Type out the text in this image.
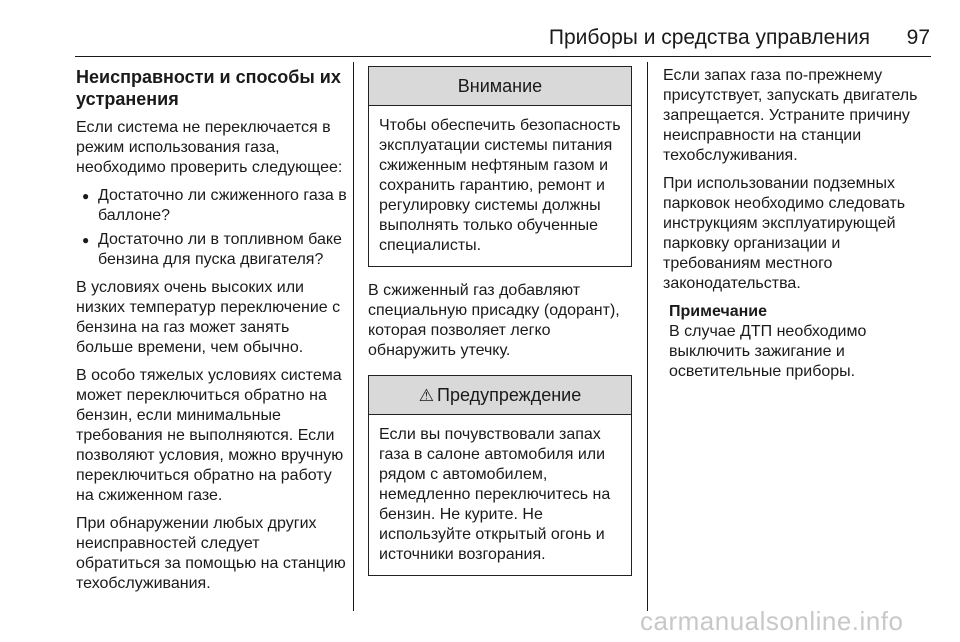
Приборы и средства управления	97
Неисправности и способы их устранения

Если система не переключается в режим использования газа, необходимо проверить следующее:

● Достаточно ли сжиженного газа в баллоне?
● Достаточно ли в топливном баке бензина для пуска двигателя?

В условиях очень высоких или низких температур переключение с бензина на газ может занять больше времени, чем обычно.

В особо тяжелых условиях система может переключиться обратно на бензин, если минимальные требования не выполняются. Если позволяют условия, можно вручную переключиться обратно на работу на сжиженном газе.

При обнаружении любых других неисправностей следует обратиться за помощью на станцию техобслуживания.

Внимание
Чтобы обеспечить безопасность эксплуатации системы питания сжиженным нефтяным газом и сохранить гарантию, ремонт и регулировку системы должны выполнять только обученные специалисты.

В сжиженный газ добавляют специальную присадку (одорант), которая позволяет легко обнаружить утечку.

⚠ Предупреждение
Если вы почувствовали запах газа в салоне автомобиля или рядом с автомобилем, немедленно переключитесь на бензин. Не курите. Не используйте открытый огонь и источники возгорания.

Если запах газа по-прежнему присутствует, запускать двигатель запрещается. Устраните причину неисправности на станции техобслуживания.

При использовании подземных парковок необходимо следовать инструкциям эксплуатирующей парковку организации и требованиям местного законодательства.

Примечание
В случае ДТП необходимо выключить зажигание и осветительные приборы.
carmanualsonline.info
